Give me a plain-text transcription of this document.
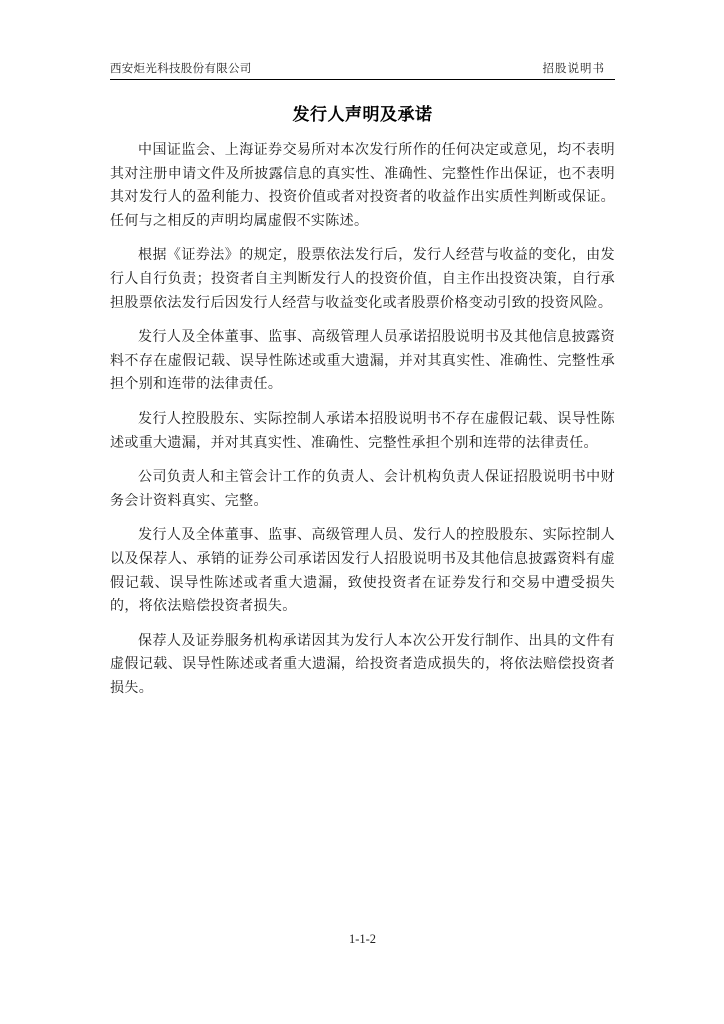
西安炬光科技股份有限公司	招股说明书
发行人声明及承诺

中国证监会、上海证券交易所对本次发行所作的任何决定或意见，均不表明其对注册申请文件及所披露信息的真实性、准确性、完整性作出保证，也不表明其对发行人的盈利能力、投资价值或者对投资者的收益作出实质性判断或保证。任何与之相反的声明均属虚假不实陈述。

根据《证券法》的规定，股票依法发行后，发行人经营与收益的变化，由发行人自行负责；投资者自主判断发行人的投资价值，自主作出投资决策，自行承担股票依法发行后因发行人经营与收益变化或者股票价格变动引致的投资风险。

发行人及全体董事、监事、高级管理人员承诺招股说明书及其他信息披露资料不存在虚假记载、误导性陈述或重大遗漏，并对其真实性、准确性、完整性承担个别和连带的法律责任。

发行人控股股东、实际控制人承诺本招股说明书不存在虚假记载、误导性陈述或重大遗漏，并对其真实性、准确性、完整性承担个别和连带的法律责任。

公司负责人和主管会计工作的负责人、会计机构负责人保证招股说明书中财务会计资料真实、完整。

发行人及全体董事、监事、高级管理人员、发行人的控股股东、实际控制人以及保荐人、承销的证券公司承诺因发行人招股说明书及其他信息披露资料有虚假记载、误导性陈述或者重大遗漏，致使投资者在证券发行和交易中遭受损失的，将依法赔偿投资者损失。

保荐人及证券服务机构承诺因其为发行人本次公开发行制作、出具的文件有虚假记载、误导性陈述或者重大遗漏，给投资者造成损失的，将依法赔偿投资者损失。

1-1-2
